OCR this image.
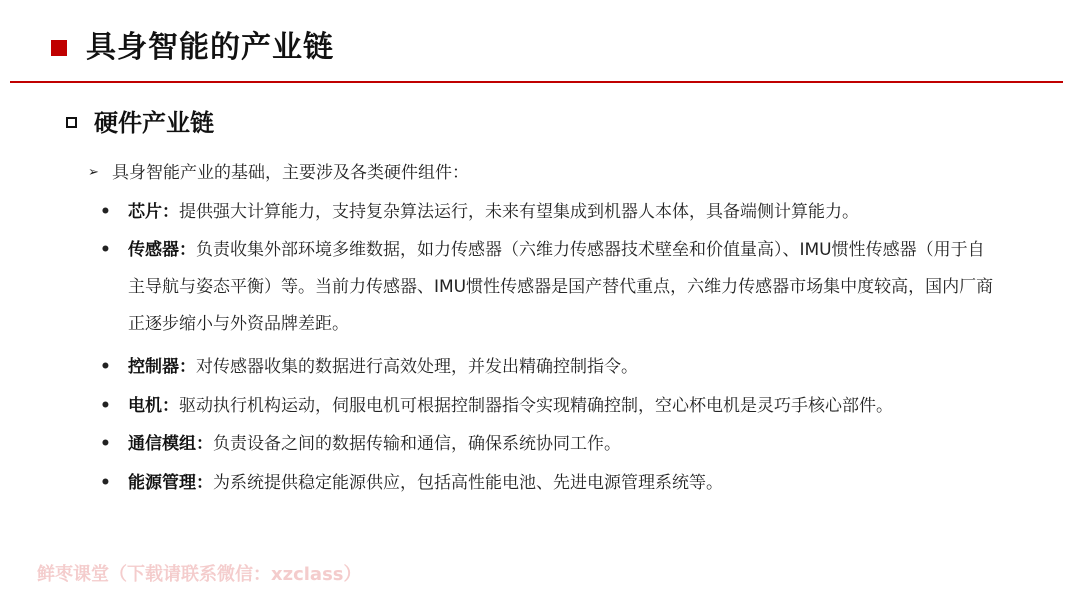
具身智能的产业链
硬件产业链
➢ 具身智能产业的基础，主要涉及各类硬件组件：
• 芯片：提供强大计算能力，支持复杂算法运行，未来有望集成到机器人本体，具备端侧计算能力。
• 传感器：负责收集外部环境多维数据，如力传感器（六维力传感器技术壁垒和价值量高）、IMU惯性传感器（用于自主导航与姿态平衡）等。当前力传感器、IMU惯性传感器是国产替代重点，六维力传感器市场集中度较高，国内厂商正逐步缩小与外资品牌差距。
• 控制器：对传感器收集的数据进行高效处理，并发出精确控制指令。
• 电机：驱动执行机构运动，伺服电机可根据控制器指令实现精确控制，空心杯电机是灵巧手核心部件。
• 通信模组：负责设备之间的数据传输和通信，确保系统协同工作。
• 能源管理：为系统提供稳定能源供应，包括高性能电池、先进电源管理系统等。
鲜枣课堂（下载请联系微信：xzclass）
